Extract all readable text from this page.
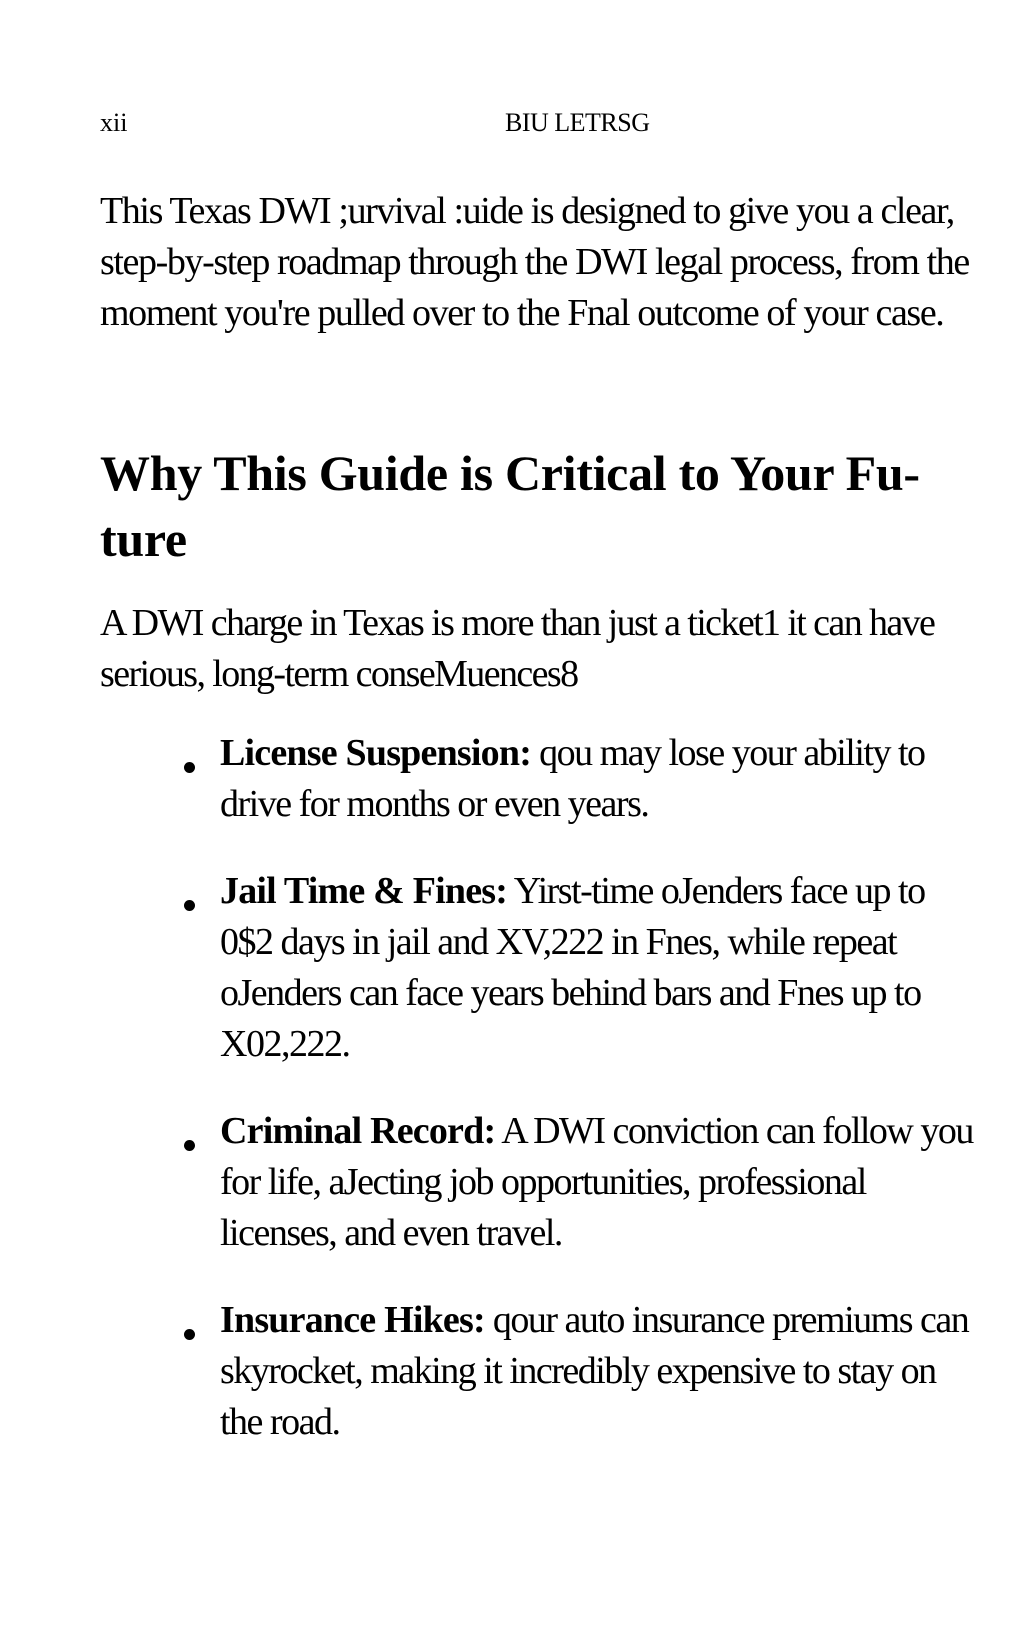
xii	BIU LETRSG

This Texas DWI ;urvival :uide is designed to give you a clear, step-by-step roadmap through the DWI legal process, from the moment you're pulled over to the Fnal outcome of your case.

Why This Guide is Critical to Your Fu-ture

A DWI charge in Texas is more than just a ticket1 it can have serious, long-term conseMuences8

License Suspension: qou may lose your ability to drive for months or even years.
Jail Time & Fines: Yirst-time oJenders face up to 0$2 days in jail and XV,222 in Fnes, while repeat oJenders can face years behind bars and Fnes up to X02,222.
Criminal Record: A DWI conviction can follow you for life, aJecting job opportunities, professional licenses, and even travel.
Insurance Hikes: qour auto insurance premiums can skyrocket, making it incredibly expensive to stay on the road.
